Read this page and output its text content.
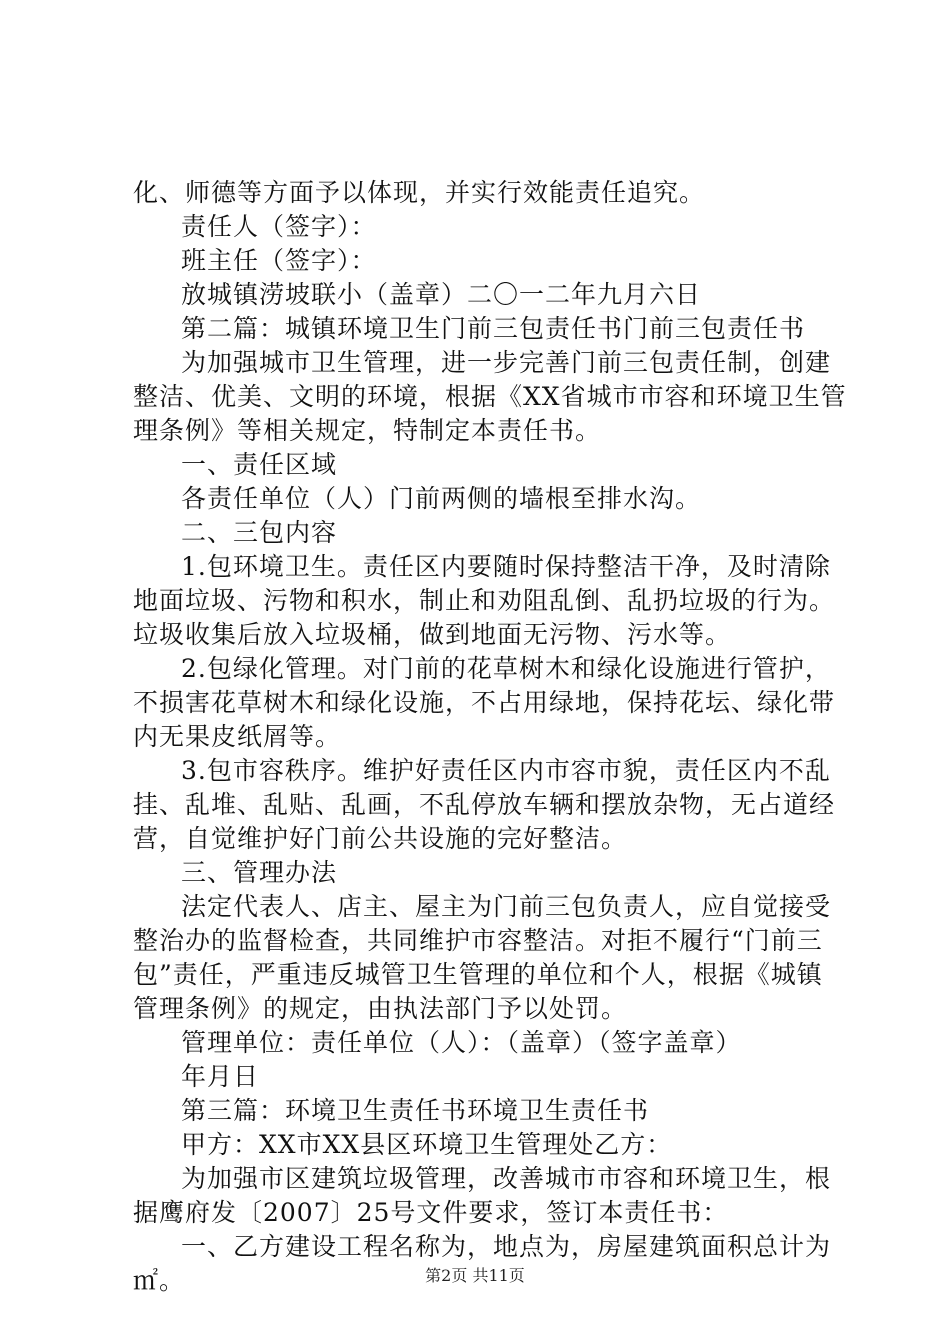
化、师德等方面予以体现，并实行效能责任追究。
责任人（签字）：
班主任（签字）：
放城镇涝坡联小（盖章）二〇一二年九月六日
第二篇：城镇环境卫生门前三包责任书门前三包责任书
为加强城市卫生管理，进一步完善门前三包责任制，创建
整洁、优美、文明的环境，根据《XX省城市市容和环境卫生管
理条例》等相关规定，特制定本责任书。
一、责任区域
各责任单位（人）门前两侧的墙根至排水沟。
二、三包内容
1.包环境卫生。责任区内要随时保持整洁干净，及时清除
地面垃圾、污物和积水，制止和劝阻乱倒、乱扔垃圾的行为。
垃圾收集后放入垃圾桶，做到地面无污物、污水等。
2.包绿化管理。对门前的花草树木和绿化设施进行管护，
不损害花草树木和绿化设施，不占用绿地，保持花坛、绿化带
内无果皮纸屑等。
3.包市容秩序。维护好责任区内市容市貌，责任区内不乱
挂、乱堆、乱贴、乱画，不乱停放车辆和摆放杂物，无占道经
营，自觉维护好门前公共设施的完好整洁。
三、管理办法
法定代表人、店主、屋主为门前三包负责人，应自觉接受
整治办的监督检查，共同维护市容整洁。对拒不履行“门前三
包”责任，严重违反城管卫生管理的单位和个人，根据《城镇
管理条例》的规定，由执法部门予以处罚。
管理单位：责任单位（人）：（盖章）（签字盖章）
年月日
第三篇：环境卫生责任书环境卫生责任书
甲方：XX市XX县区环境卫生管理处乙方：
为加强市区建筑垃圾管理，改善城市市容和环境卫生，根
据鹰府发〔2007〕25号文件要求，签订本责任书：
一、乙方建设工程名称为，地点为，房屋建筑面积总计为
㎡。	第2页 共11页
